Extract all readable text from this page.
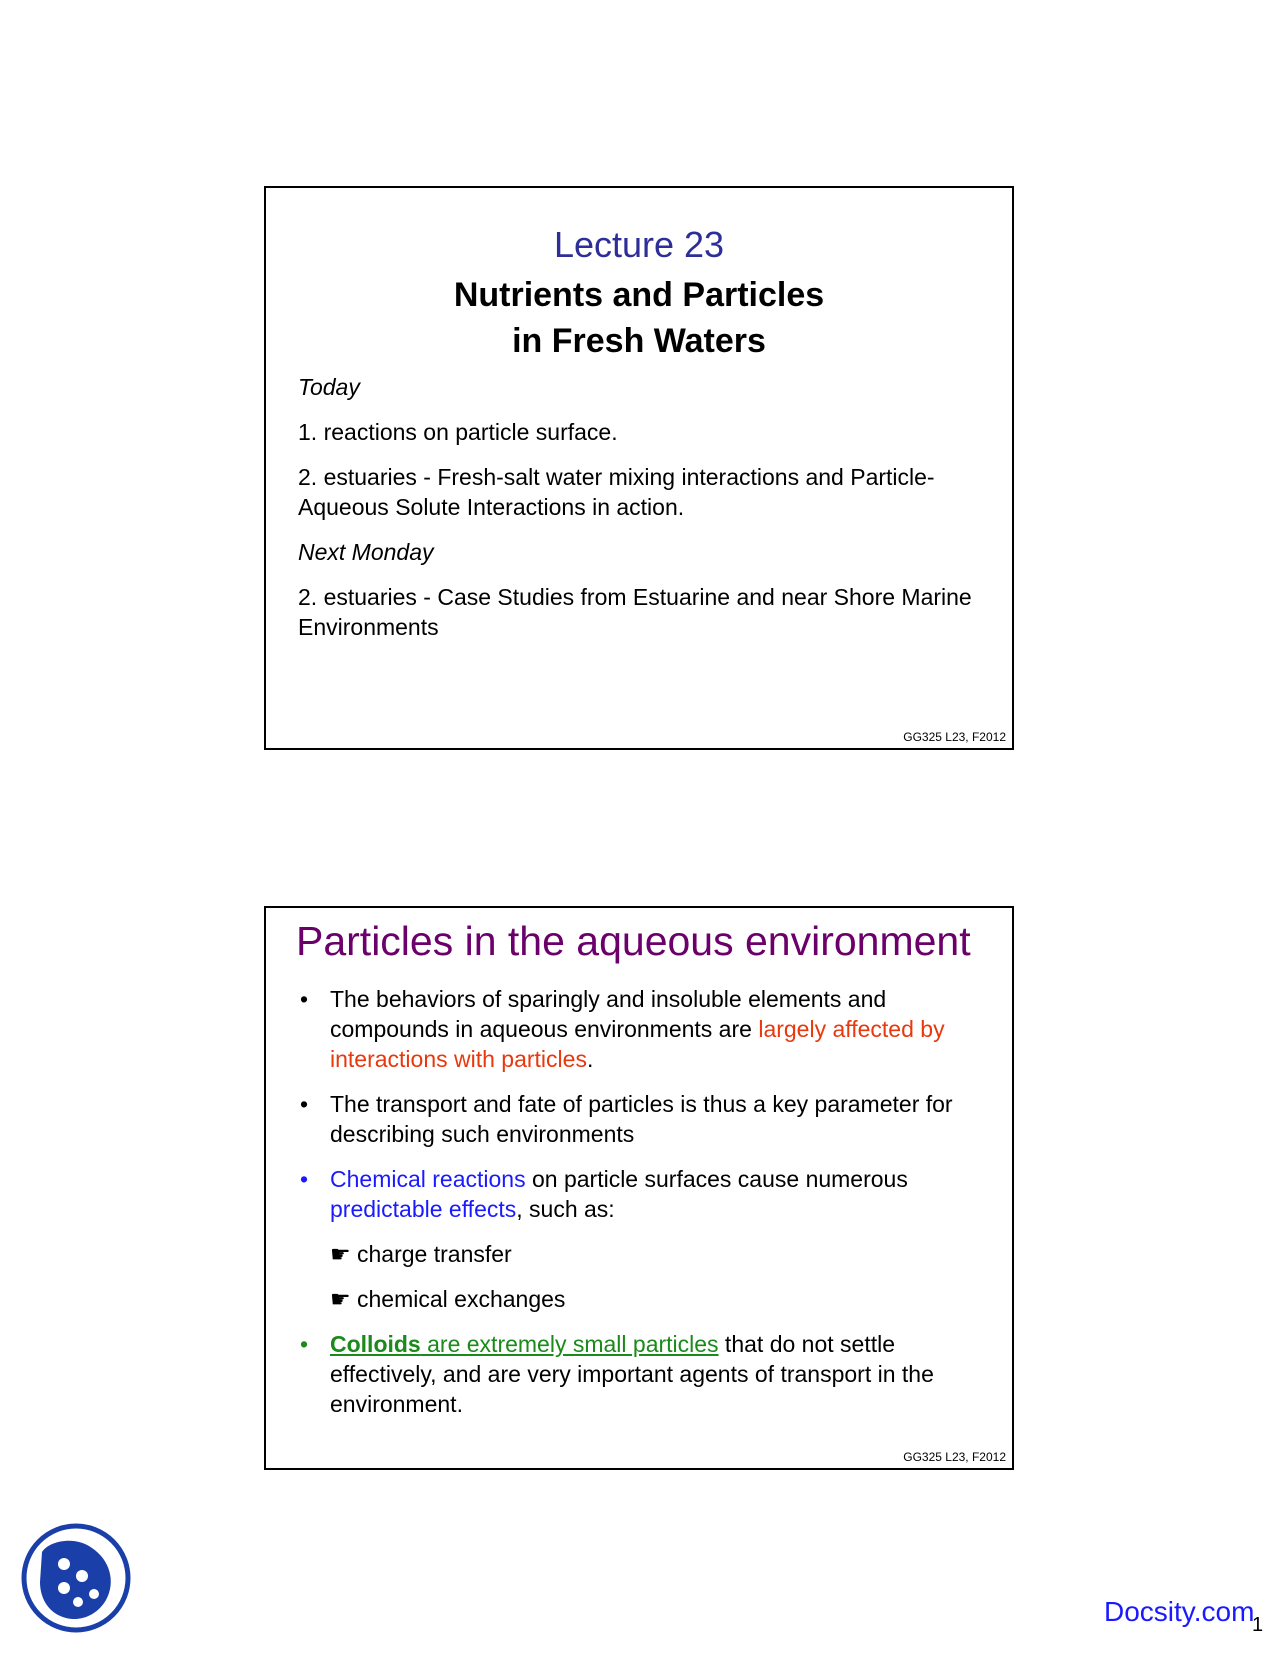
Lecture 23
Nutrients and Particles
in Fresh Waters

Today

1. reactions on particle surface.

2. estuaries - Fresh-salt water mixing interactions and Particle-Aqueous Solute Interactions in action.

Next Monday

2. estuaries - Case Studies from Estuarine and near Shore Marine Environments

GG325 L23, F2012
Particles in the aqueous environment
• The behaviors of sparingly and insoluble elements and compounds in aqueous environments are largely affected by interactions with particles.
• The transport and fate of particles is thus a key parameter for describing such environments
• Chemical reactions on particle surfaces cause numerous predictable effects, such as:
☛ charge transfer
☛ chemical exchanges
• Colloids are extremely small particles that do not settle effectively, and are very important agents of transport in the environment.
GG325 L23, F2012
Docsity.com
1
